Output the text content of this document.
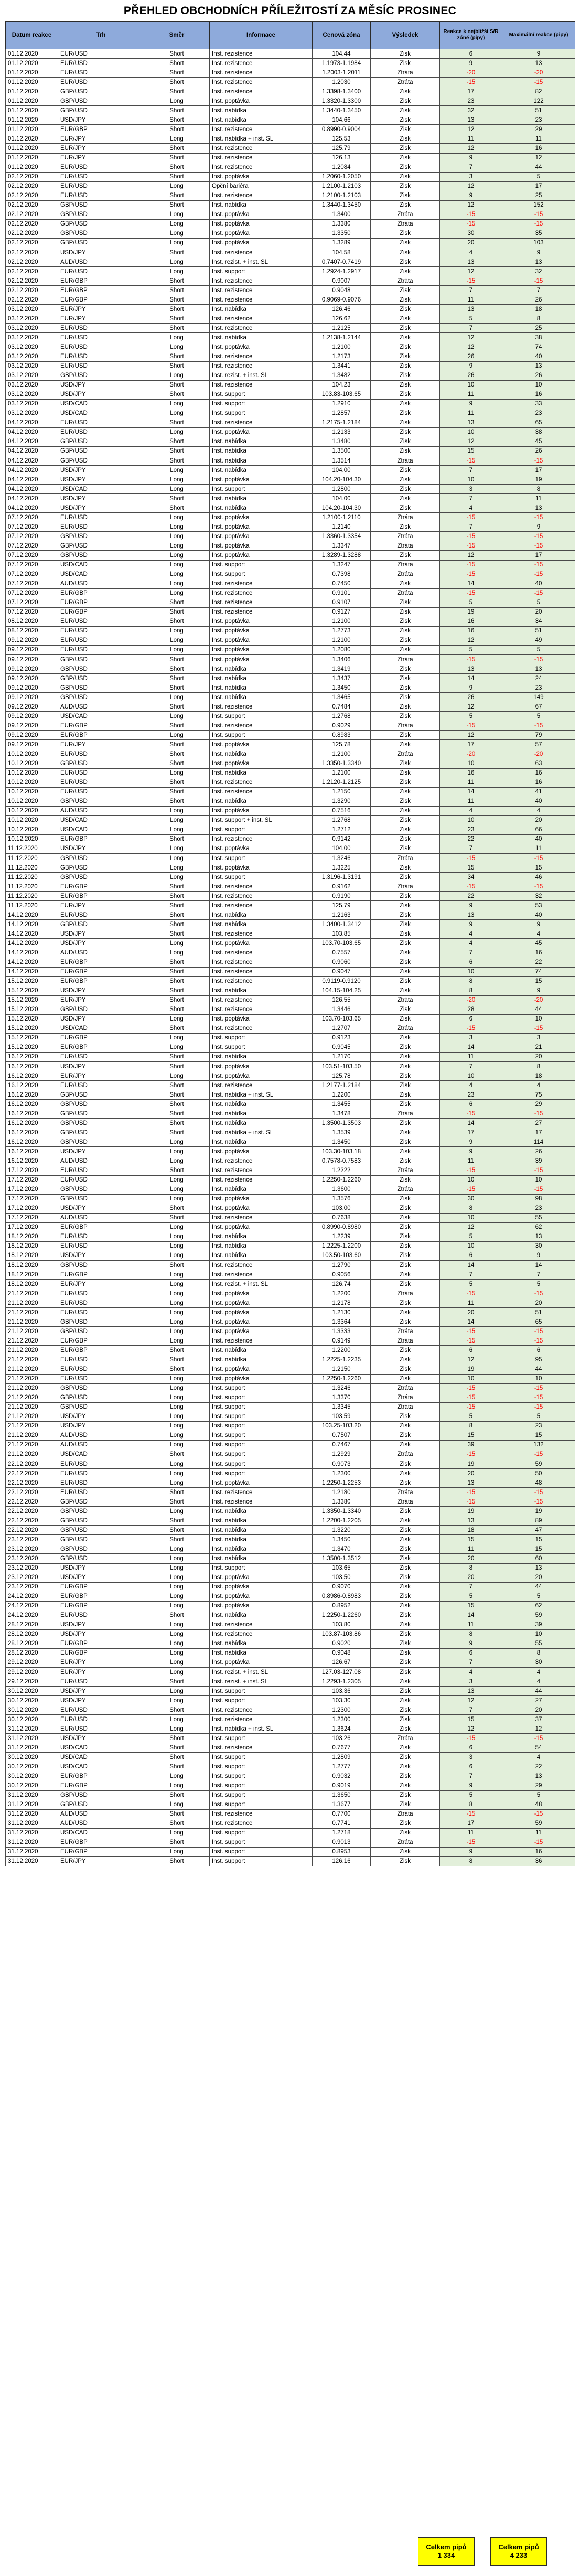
PŘEHLED OBCHODNÍCH PŘÍLEŽITOSTÍ ZA MĚSÍC PROSINEC
Datum reakce	Trh	Směr	Informace	Cenová zóna	Výsledek	Reakce k nejbližší S/R zóně (pipy)	Maximální reakce (pipy)
01.12.2020	EUR/USD	Short	Inst. rezistence	104.44	Zisk	6	9
01.12.2020	EUR/USD	Short	Inst. rezistence	1.1973-1.1984	Zisk	9	13
01.12.2020	EUR/USD	Short	Inst. rezistence	1.2003-1.2011	Ztráta	-20	-20
01.12.2020	EUR/USD	Short	Inst. rezistence	1.2030	Ztráta	-15	-15
01.12.2020	GBP/USD	Short	Inst. rezistence	1.3398-1.3400	Zisk	17	82
01.12.2020	GBP/USD	Long	Inst. poptávka	1.3320-1.3300	Zisk	23	122
01.12.2020	GBP/USD	Short	Inst. nabídka	1.3440-1.3450	Zisk	32	51
01.12.2020	USD/JPY	Short	Inst. nabídka	104.66	Zisk	13	23
01.12.2020	EUR/GBP	Short	Inst. rezistence	0.8990-0.9004	Zisk	12	29
01.12.2020	EUR/JPY	Long	Inst. nabídka + inst. SL	125.53	Zisk	11	11
01.12.2020	EUR/JPY	Short	Inst. rezistence	125.79	Zisk	12	16
01.12.2020	EUR/JPY	Short	Inst. rezistence	126.13	Zisk	9	12
01.12.2020	EUR/USD	Short	Inst. rezistence	1.2084	Zisk	7	44
02.12.2020	EUR/USD	Short	Inst. poptávka	1.2060-1.2050	Zisk	3	5
02.12.2020	EUR/USD	Long	Opční bariéra	1.2100-1.2103	Zisk	12	17
02.12.2020	EUR/USD	Short	Inst. rezistence	1.2100-1.2103	Zisk	9	25
02.12.2020	GBP/USD	Short	Inst. nabídka	1.3440-1.3450	Zisk	12	152
02.12.2020	GBP/USD	Long	Inst. poptávka	1.3400	Ztráta	-15	-15
02.12.2020	GBP/USD	Long	Inst. poptávka	1.3380	Ztráta	-15	-15
02.12.2020	GBP/USD	Long	Inst. poptávka	1.3350	Zisk	30	35
02.12.2020	GBP/USD	Long	Inst. poptávka	1.3289	Zisk	20	103
02.12.2020	USD/JPY	Short	Inst. rezistence	104.58	Zisk	4	9
02.12.2020	AUD/USD	Long	Inst. rezist. + inst. SL	0.7407-0.7419	Zisk	13	13
02.12.2020	EUR/USD	Long	Inst. support	1.2924-1.2917	Zisk	12	32
02.12.2020	EUR/GBP	Short	Inst. rezistence	0.9007	Ztráta	-15	-15
02.12.2020	EUR/GBP	Short	Inst. rezistence	0.9048	Zisk	7	7
02.12.2020	EUR/GBP	Short	Inst. rezistence	0.9069-0.9076	Zisk	11	26
03.12.2020	EUR/JPY	Short	Inst. nabídka	126.46	Zisk	13	18
03.12.2020	EUR/JPY	Short	Inst. rezistence	126.62	Zisk	5	8
03.12.2020	EUR/USD	Short	Inst. rezistence	1.2125	Zisk	7	25
03.12.2020	EUR/USD	Long	Inst. nabídka	1.2138-1.2144	Zisk	12	38
03.12.2020	EUR/USD	Long	Inst. poptávka	1.2100	Zisk	12	74
03.12.2020	EUR/USD	Short	Inst. rezistence	1.2173	Zisk	26	40
03.12.2020	EUR/USD	Short	Inst. rezistence	1.3441	Zisk	9	13
03.12.2020	GBP/USD	Long	Inst. rezist. + inst. SL	1.3482	Zisk	26	26
03.12.2020	USD/JPY	Short	Inst. rezistence	104.23	Zisk	10	10
03.12.2020	USD/JPY	Short	Inst. support	103.83-103.65	Zisk	11	16
03.12.2020	USD/CAD	Long	Inst. support	1.2910	Zisk	9	33
03.12.2020	USD/CAD	Long	Inst. support	1.2857	Zisk	11	23
04.12.2020	EUR/USD	Short	Inst. rezistence	1.2175-1.2184	Zisk	13	65
04.12.2020	EUR/USD	Long	Inst. poptávka	1.2133	Zisk	10	38
04.12.2020	GBP/USD	Short	Inst. nabídka	1.3480	Zisk	12	45
04.12.2020	GBP/USD	Short	Inst. nabídka	1.3500	Zisk	15	26
04.12.2020	GBP/USD	Short	Inst. nabídka	1.3514	Ztráta	-15	-15
04.12.2020	USD/JPY	Long	Inst. nabídka	104.00	Zisk	7	17
04.12.2020	USD/JPY	Long	Inst. poptávka	104.20-104.30	Zisk	10	19
04.12.2020	USD/CAD	Long	Inst. support	1.2800	Zisk	3	8
04.12.2020	USD/JPY	Short	Inst. nabídka	104.00	Zisk	7	11
04.12.2020	USD/JPY	Short	Inst. nabídka	104.20-104.30	Zisk	4	13
07.12.2020	EUR/USD	Long	Inst. poptávka	1.2100-1.2110	Ztráta	-15	-15
07.12.2020	EUR/USD	Long	Inst. poptávka	1.2140	Zisk	7	9
07.12.2020	GBP/USD	Long	Inst. poptávka	1.3360-1.3354	Ztráta	-15	-15
07.12.2020	GBP/USD	Long	Inst. poptávka	1.3347	Ztráta	-15	-15
07.12.2020	GBP/USD	Long	Inst. poptávka	1.3289-1.3288	Zisk	12	17
07.12.2020	USD/CAD	Long	Inst. support	1.3247	Ztráta	-15	-15
07.12.2020	USD/CAD	Long	Inst. support	0.7398	Ztráta	-15	-15
07.12.2020	AUD/USD	Long	Inst. rezistence	0.7450	Zisk	14	40
07.12.2020	EUR/GBP	Long	Inst. rezistence	0.9101	Ztráta	-15	-15
07.12.2020	EUR/GBP	Short	Inst. rezistence	0.9107	Zisk	5	5
07.12.2020	EUR/GBP	Short	Inst. rezistence	0.9127	Zisk	19	20
08.12.2020	EUR/USD	Short	Inst. poptávka	1.2100	Zisk	16	34
08.12.2020	EUR/USD	Long	Inst. poptávka	1.2773	Zisk	16	51
09.12.2020	EUR/USD	Long	Inst. poptávka	1.2100	Zisk	12	49
09.12.2020	EUR/USD	Long	Inst. poptávka	1.2080	Zisk	5	5
09.12.2020	GBP/USD	Short	Inst. poptávka	1.3406	Ztráta	-15	-15
09.12.2020	GBP/USD	Short	Inst. nabídka	1.3419	Zisk	13	13
09.12.2020	GBP/USD	Short	Inst. nabídka	1.3437	Zisk	14	24
09.12.2020	GBP/USD	Short	Inst. nabídka	1.3450	Zisk	9	23
09.12.2020	GBP/USD	Long	Inst. nabídka	1.3465	Zisk	26	149
09.12.2020	AUD/USD	Short	Inst. rezistence	0.7484	Zisk	12	67
09.12.2020	USD/CAD	Long	Inst. support	1.2768	Zisk	5	5
09.12.2020	EUR/GBP	Short	Inst. rezistence	0.9029	Ztráta	-15	-15
09.12.2020	EUR/GBP	Long	Inst. support	0.8983	Zisk	12	79
09.12.2020	EUR/JPY	Short	Inst. poptávka	125.78	Zisk	17	57
10.12.2020	EUR/USD	Short	Inst. nabídka	1.2100	Ztráta	-20	-20
10.12.2020	GBP/USD	Short	Inst. poptávka	1.3350-1.3340	Zisk	10	63
10.12.2020	EUR/USD	Long	Inst. nabídka	1.2100	Zisk	16	16
10.12.2020	EUR/USD	Short	Inst. rezistence	1.2120-1.2125	Zisk	11	16
10.12.2020	EUR/USD	Short	Inst. rezistence	1.2150	Zisk	14	41
10.12.2020	GBP/USD	Short	Inst. nabídka	1.3290	Zisk	11	40
10.12.2020	AUD/USD	Long	Inst. poptávka	0.7516	Zisk	4	4
10.12.2020	USD/CAD	Long	Inst. support + inst. SL	1.2768	Zisk	10	20
10.12.2020	USD/CAD	Long	Inst. support	1.2712	Zisk	23	66
10.12.2020	EUR/GBP	Short	Inst. rezistence	0.9142	Zisk	22	40
11.12.2020	USD/JPY	Long	Inst. poptávka	104.00	Zisk	7	11
11.12.2020	GBP/USD	Long	Inst. support	1.3246	Ztráta	-15	-15
11.12.2020	GBP/USD	Long	Inst. poptávka	1.3225	Zisk	15	15
11.12.2020	GBP/USD	Long	Inst. support	1.3196-1.3191	Zisk	34	46
11.12.2020	EUR/GBP	Short	Inst. rezistence	0.9162	Ztráta	-15	-15
11.12.2020	EUR/GBP	Short	Inst. rezistence	0.9190	Zisk	22	32
11.12.2020	EUR/JPY	Short	Inst. rezistence	125.79	Zisk	9	53
14.12.2020	EUR/USD	Short	Inst. nabídka	1.2163	Zisk	13	40
14.12.2020	GBP/USD	Short	Inst. nabídka	1.3400-1.3412	Zisk	9	9
14.12.2020	USD/JPY	Short	Inst. rezistence	103.85	Zisk	4	4
14.12.2020	USD/JPY	Long	Inst. poptávka	103.70-103.65	Zisk	4	45
14.12.2020	AUD/USD	Long	Inst. rezistence	0.7557	Zisk	7	16
14.12.2020	EUR/GBP	Short	Inst. rezistence	0.9060	Zisk	6	22
14.12.2020	EUR/GBP	Short	Inst. rezistence	0.9047	Zisk	10	74
15.12.2020	EUR/GBP	Short	Inst. rezistence	0.9119-0.9120	Zisk	8	15
15.12.2020	USD/JPY	Short	Inst. nabídka	104.15-104.25	Zisk	8	9
15.12.2020	EUR/JPY	Short	Inst. rezistence	126.55	Ztráta	-20	-20
15.12.2020	GBP/USD	Short	Inst. rezistence	1.3446	Zisk	28	44
15.12.2020	USD/JPY	Long	Inst. poptávka	103.70-103.65	Zisk	6	10
15.12.2020	USD/CAD	Short	Inst. rezistence	1.2707	Ztráta	-15	-15
15.12.2020	EUR/GBP	Long	Inst. support	0.9123	Zisk	3	3
15.12.2020	EUR/GBP	Long	Inst. support	0.9045	Zisk	14	21
16.12.2020	EUR/USD	Short	Inst. nabídka	1.2170	Zisk	11	20
16.12.2020	USD/JPY	Short	Inst. poptávka	103.51-103.50	Zisk	7	8
16.12.2020	EUR/JPY	Long	Inst. poptávka	125.78	Zisk	10	18
16.12.2020	EUR/USD	Short	Inst. rezistence	1.2177-1.2184	Zisk	4	4
16.12.2020	GBP/USD	Short	Inst. nabídka + inst. SL	1.2200	Zisk	23	75
16.12.2020	GBP/USD	Short	Inst. nabídka	1.3455	Zisk	6	29
16.12.2020	GBP/USD	Short	Inst. nabídka	1.3478	Ztráta	-15	-15
16.12.2020	GBP/USD	Short	Inst. nabídka	1.3500-1.3503	Zisk	14	27
16.12.2020	GBP/USD	Short	Inst. nabídka + inst. SL	1.3539	Zisk	17	17
16.12.2020	GBP/USD	Long	Inst. nabídka	1.3450	Zisk	9	114
16.12.2020	USD/JPY	Long	Inst. poptávka	103.30-103.18	Zisk	9	26
16.12.2020	AUD/USD	Long	Inst. rezistence	0.7578-0.7583	Zisk	11	39
17.12.2020	EUR/USD	Short	Inst. rezistence	1.2222	Ztráta	-15	-15
17.12.2020	EUR/USD	Long	Inst. rezistence	1.2250-1.2260	Zisk	10	10
17.12.2020	GBP/USD	Long	Inst. nabídka	1.3600	Ztráta	-15	-15
17.12.2020	GBP/USD	Long	Inst. poptávka	1.3576	Zisk	30	98
17.12.2020	USD/JPY	Short	Inst. poptávka	103.00	Zisk	8	23
17.12.2020	AUD/USD	Short	Inst. rezistence	0.7638	Zisk	10	55
17.12.2020	EUR/GBP	Long	Inst. poptávka	0.8990-0.8980	Zisk	12	62
18.12.2020	EUR/USD	Long	Inst. nabídka	1.2239	Zisk	5	13
18.12.2020	EUR/USD	Long	Inst. nabídka	1.2225-1.2200	Zisk	10	30
18.12.2020	USD/JPY	Long	Inst. nabídka	103.50-103.60	Zisk	6	9
18.12.2020	GBP/USD	Short	Inst. rezistence	1.2790	Zisk	14	14
18.12.2020	EUR/GBP	Long	Inst. rezistence	0.9056	Zisk	7	7
18.12.2020	EUR/JPY	Long	Inst. rezist. + inst. SL	126.74	Zisk	5	5
21.12.2020	EUR/USD	Long	Inst. poptávka	1.2200	Ztráta	-15	-15
21.12.2020	EUR/USD	Long	Inst. poptávka	1.2178	Zisk	11	20
21.12.2020	EUR/USD	Long	Inst. poptávka	1.2130	Zisk	20	51
21.12.2020	GBP/USD	Long	Inst. poptávka	1.3364	Zisk	14	65
21.12.2020	GBP/USD	Long	Inst. poptávka	1.3333	Ztráta	-15	-15
21.12.2020	EUR/GBP	Long	Inst. rezistence	0.9149	Ztráta	-15	-15
21.12.2020	EUR/GBP	Short	Inst. nabídka	1.2200	Zisk	6	6
21.12.2020	EUR/USD	Short	Inst. nabídka	1.2225-1.2235	Zisk	12	95
21.12.2020	EUR/USD	Short	Inst. poptávka	1.2150	Zisk	19	44
21.12.2020	EUR/USD	Long	Inst. poptávka	1.2250-1.2260	Zisk	10	10
21.12.2020	GBP/USD	Long	Inst. support	1.3246	Ztráta	-15	-15
21.12.2020	GBP/USD	Long	Inst. support	1.3370	Ztráta	-15	-15
21.12.2020	GBP/USD	Long	Inst. support	1.3345	Ztráta	-15	-15
21.12.2020	USD/JPY	Long	Inst. support	103.59	Zisk	5	5
21.12.2020	USD/JPY	Long	Inst. support	103.25-103.20	Zisk	8	23
21.12.2020	AUD/USD	Long	Inst. support	0.7507	Zisk	15	15
21.12.2020	AUD/USD	Long	Inst. support	0.7467	Zisk	39	132
21.12.2020	USD/CAD	Short	Inst. support	1.2929	Ztráta	-15	-15
22.12.2020	EUR/USD	Long	Inst. support	0.9073	Zisk	19	59
22.12.2020	EUR/USD	Long	Inst. support	1.2300	Zisk	20	50
22.12.2020	EUR/USD	Long	Inst. poptávka	1.2250-1.2253	Zisk	13	48
22.12.2020	EUR/USD	Short	Inst. rezistence	1.2180	Ztráta	-15	-15
22.12.2020	GBP/USD	Short	Inst. rezistence	1.3380	Ztráta	-15	-15
22.12.2020	GBP/USD	Long	Inst. nabídka	1.3350-1.3340	Zisk	19	19
22.12.2020	GBP/USD	Short	Inst. nabídka	1.2200-1.2205	Zisk	13	89
22.12.2020	GBP/USD	Short	Inst. nabídka	1.3220	Zisk	18	47
23.12.2020	GBP/USD	Short	Inst. nabídka	1.3450	Zisk	15	15
23.12.2020	GBP/USD	Long	Inst. nabídka	1.3470	Zisk	11	15
23.12.2020	GBP/USD	Long	Inst. nabídka	1.3500-1.3512	Zisk	20	60
23.12.2020	USD/JPY	Long	Inst. support	103.65	Zisk	8	13
23.12.2020	USD/JPY	Long	Inst. poptávka	103.50	Zisk	20	20
23.12.2020	EUR/GBP	Long	Inst. poptávka	0.9070	Zisk	7	44
24.12.2020	EUR/GBP	Long	Inst. poptávka	0.8986-0.8983	Zisk	5	5
24.12.2020	EUR/GBP	Long	Inst. poptávka	0.8952	Zisk	15	62
24.12.2020	EUR/USD	Short	Inst. nabídka	1.2250-1.2260	Zisk	14	59
28.12.2020	USD/JPY	Long	Inst. rezistence	103.80	Zisk	11	39
28.12.2020	USD/JPY	Long	Inst. rezistence	103.87-103.86	Zisk	8	10
28.12.2020	EUR/GBP	Long	Inst. nabídka	0.9020	Zisk	9	55
28.12.2020	EUR/GBP	Long	Inst. nabídka	0.9048	Zisk	6	8
29.12.2020	EUR/JPY	Long	Inst. poptávka	126.67	Zisk	7	30
29.12.2020	EUR/JPY	Long	Inst. rezist. + inst. SL	127.03-127.08	Zisk	4	4
29.12.2020	EUR/USD	Short	Inst. rezist. + inst. SL	1.2293-1.2305	Zisk	3	4
30.12.2020	USD/JPY	Long	Inst. support	103.36	Zisk	13	44
30.12.2020	USD/JPY	Long	Inst. support	103.30	Zisk	12	27
30.12.2020	EUR/USD	Short	Inst. rezistence	1.2300	Zisk	7	20
30.12.2020	EUR/USD	Long	Inst. rezistence	1.2300	Zisk	15	37
31.12.2020	EUR/USD	Long	Inst. nabídka + inst. SL	1.3624	Zisk	12	12
31.12.2020	USD/JPY	Short	Inst. support	103.26	Ztráta	-15	-15
31.12.2020	USD/CAD	Short	Inst. rezistence	0.7677	Zisk	6	54
30.12.2020	USD/CAD	Short	Inst. support	1.2809	Zisk	3	4
30.12.2020	USD/CAD	Short	Inst. support	1.2777	Zisk	6	22
30.12.2020	EUR/GBP	Long	Inst. support	0.9032	Zisk	7	13
30.12.2020	EUR/GBP	Long	Inst. support	0.9019	Zisk	9	29
31.12.2020	GBP/USD	Short	Inst. support	1.3650	Zisk	5	5
31.12.2020	GBP/USD	Long	Inst. support	1.3677	Zisk	8	48
31.12.2020	AUD/USD	Short	Inst. rezistence	0.7700	Ztráta	-15	-15
31.12.2020	AUD/USD	Short	Inst. rezistence	0.7741	Zisk	17	59
31.12.2020	USD/CAD	Long	Inst. support	1.2718	Zisk	11	11
31.12.2020	EUR/GBP	Short	Inst. support	0.9013	Ztráta	-15	-15
31.12.2020	EUR/GBP	Long	Inst. support	0.8953	Zisk	9	16
31.12.2020	EUR/JPY	Short	Inst. support	126.16	Zisk	8	36
Celkem pipů
1 334
Celkem pipů
4 233
